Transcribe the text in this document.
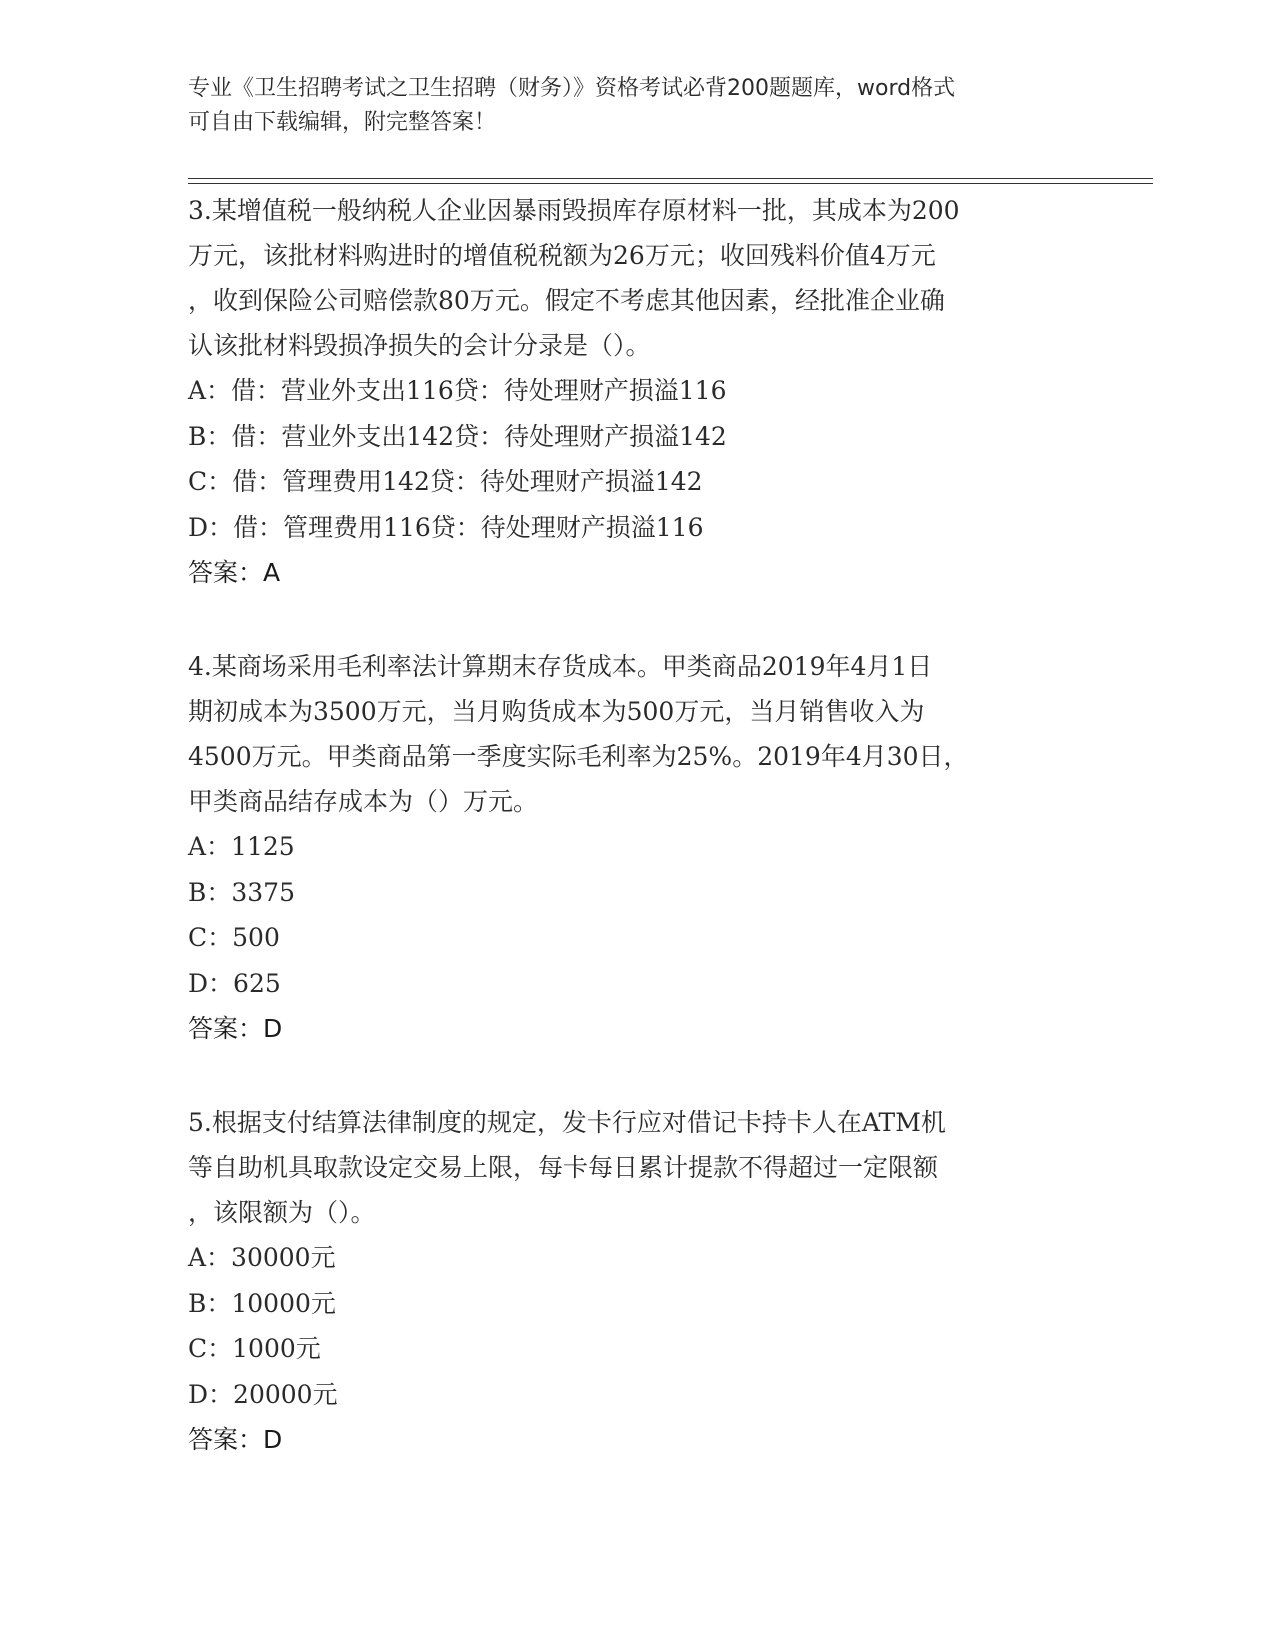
专业《卫生招聘考试之卫生招聘（财务）》资格考试必背200题题库，word格式
可自由下载编辑，附完整答案！
3.某增值税一般纳税人企业因暴雨毁损库存原材料一批，其成本为200
万元，该批材料购进时的增值税税额为26万元；收回残料价值4万元
，收到保险公司赔偿款80万元。假定不考虑其他因素，经批准企业确
认该批材料毁损净损失的会计分录是（）。
A：借：营业外支出116贷：待处理财产损溢116
B：借：营业外支出142贷：待处理财产损溢142
C：借：管理费用142贷：待处理财产损溢142
D：借：管理费用116贷：待处理财产损溢116
答案：A
4.某商场采用毛利率法计算期末存货成本。甲类商品2019年4月1日
期初成本为3500万元，当月购货成本为500万元，当月销售收入为
4500万元。甲类商品第一季度实际毛利率为25%。2019年4月30日，
甲类商品结存成本为（）万元。
A：1125
B：3375
C：500
D：625
答案：D
5.根据支付结算法律制度的规定，发卡行应对借记卡持卡人在ATM机
等自助机具取款设定交易上限，每卡每日累计提款不得超过一定限额
，该限额为（）。
A：30000元
B：10000元
C：1000元
D：20000元
答案：D
